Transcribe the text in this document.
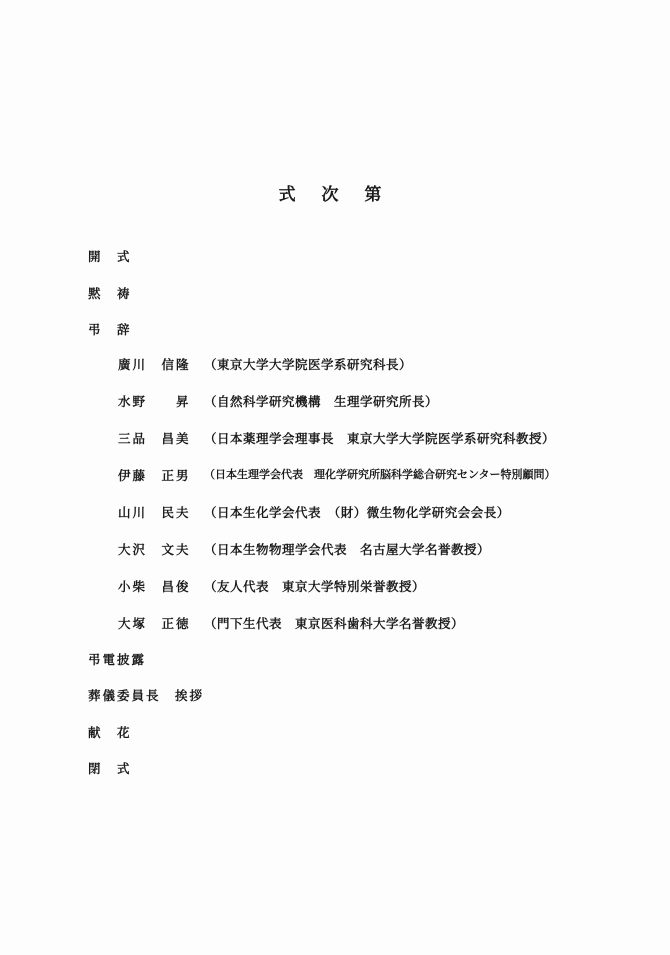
式 次 第
開　式
黙　祷
弔　辞
廣川　信隆	（東京大学大学院医学系研究科長）
水野　　昇	（自然科学研究機構　生理学研究所長）
三品　昌美	（日本薬理学会理事長　東京大学大学院医学系研究科教授）
伊藤　正男	（日本生理学会代表　理化学研究所脳科学総合研究センター特別顧問）
山川　民夫	（日本生化学会代表　（財）微生物化学研究会会長）
大沢　文夫	（日本生物物理学会代表　名古屋大学名誉教授）
小柴　昌俊	（友人代表　東京大学特別栄誉教授）
大塚　正徳	（門下生代表　東京医科歯科大学名誉教授）
弔電披露
葬儀委員長　挨拶
献　花
閉　式
